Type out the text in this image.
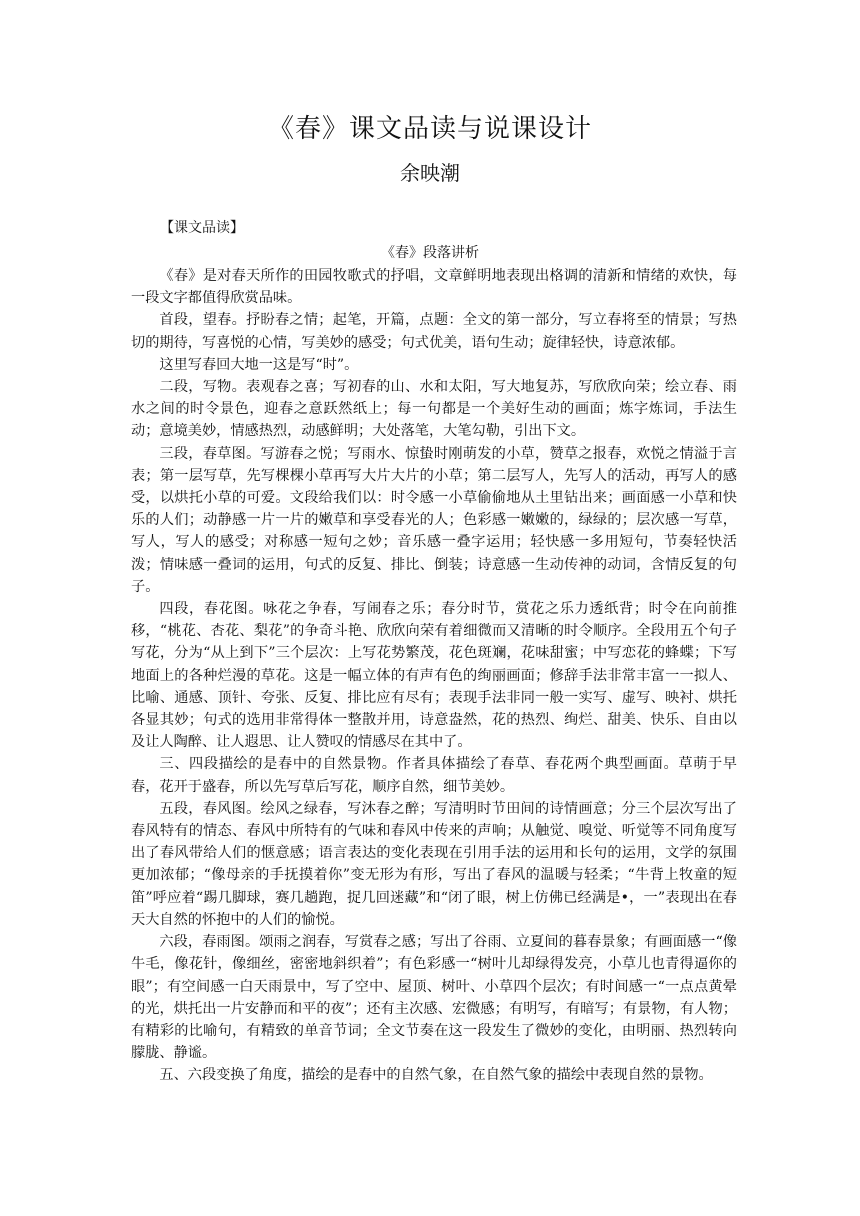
《春》课文品读与说课设计

余映潮

【课文品读】

《春》段落讲析

《春》是对春天所作的田园牧歌式的抒唱，文章鲜明地表现出格调的清新和情绪的欢快，每一段文字都值得欣赏品味。

首段，望春。抒盼春之情；起笔，开篇，点题：全文的第一部分，写立春将至的情景；写热切的期待，写喜悦的心情，写美妙的感受；句式优美，语句生动；旋律轻快，诗意浓郁。

这里写春回大地一这是写“时”。

二段，写物。表观春之喜；写初春的山、水和太阳，写大地复苏，写欣欣向荣；绘立春、雨水之间的时令景色，迎春之意跃然纸上；每一句都是一个美好生动的画面；炼字炼词，手法生动；意境美妙，情感热烈，动感鲜明；大处落笔，大笔勾勒，引出下文。

三段，春草图。写游春之悦；写雨水、惊蛰时刚萌发的小草，赞草之报春，欢悦之情溢于言表；第一层写草，先写棵棵小草再写大片大片的小草；第二层写人，先写人的活动，再写人的感受，以烘托小草的可爱。文段给我们以：时令感一小草偷偷地从土里钻出来；画面感一小草和快乐的人们；动静感一片一片的嫩草和享受春光的人；色彩感一嫩嫩的，绿绿的；层次感一写草，写人，写人的感受；对称感一短句之妙；音乐感一叠字运用；轻快感一多用短句，节奏轻快活泼；情味感一叠词的运用，句式的反复、排比、倒装；诗意感一生动传神的动词，含情反复的句子。

四段，春花图。咏花之争春，写闹春之乐；春分时节，赏花之乐力透纸背；时令在向前推移，“桃花、杏花、梨花”的争奇斗艳、欣欣向荣有着细微而又清晰的时令顺序。全段用五个句子写花，分为“从上到下”三个层次：上写花势繁茂，花色斑斓，花味甜蜜；中写恋花的蜂蝶；下写地面上的各种烂漫的草花。这是一幅立体的有声有色的绚丽画面；修辞手法非常丰富一一拟人、比喻、通感、顶针、夸张、反复、排比应有尽有；表现手法非同一般一实写、虚写、映衬、烘托各显其妙；句式的选用非常得体一整散并用，诗意盎然，花的热烈、绚烂、甜美、快乐、自由以及让人陶醉、让人遐思、让人赞叹的情感尽在其中了。

三、四段描绘的是春中的自然景物。作者具体描绘了春草、春花两个典型画面。草萌于早春，花开于盛春，所以先写草后写花，顺序自然，细节美妙。

五段，春风图。绘风之绿春，写沐春之醉；写清明时节田间的诗情画意；分三个层次写出了春风特有的情态、春风中所特有的气味和春风中传来的声响；从触觉、嗅觉、听觉等不同角度写出了春风带给人们的惬意感；语言表达的变化表现在引用手法的运用和长句的运用，文学的氛围更加浓郁；“像母亲的手抚摸着你”变无形为有形，写出了春风的温暖与轻柔；“牛背上牧童的短笛”呼应着“踢几脚球，赛几趟跑，捉几回迷藏”和“闭了眼，树上仿佛已经满是•，一”表现出在春天大自然的怀抱中的人们的愉悦。

六段，春雨图。颂雨之润春，写赏春之感；写出了谷雨、立夏间的暮春景象；有画面感一“像牛毛，像花针，像细丝，密密地斜织着”；有色彩感一“树叶儿却绿得发亮，小草儿也青得逼你的眼”；有空间感一白天雨景中，写了空中、屋顶、树叶、小草四个层次；有时间感一“一点点黄晕的光，烘托出一片安静而和平的夜”；还有主次感、宏微感；有明写，有暗写；有景物，有人物；有精彩的比喻句，有精致的单音节词；全文节奏在这一段发生了微妙的变化，由明丽、热烈转向朦胧、静谧。

五、六段变换了角度，描绘的是春中的自然气象，在自然气象的描绘中表现自然的景物。
